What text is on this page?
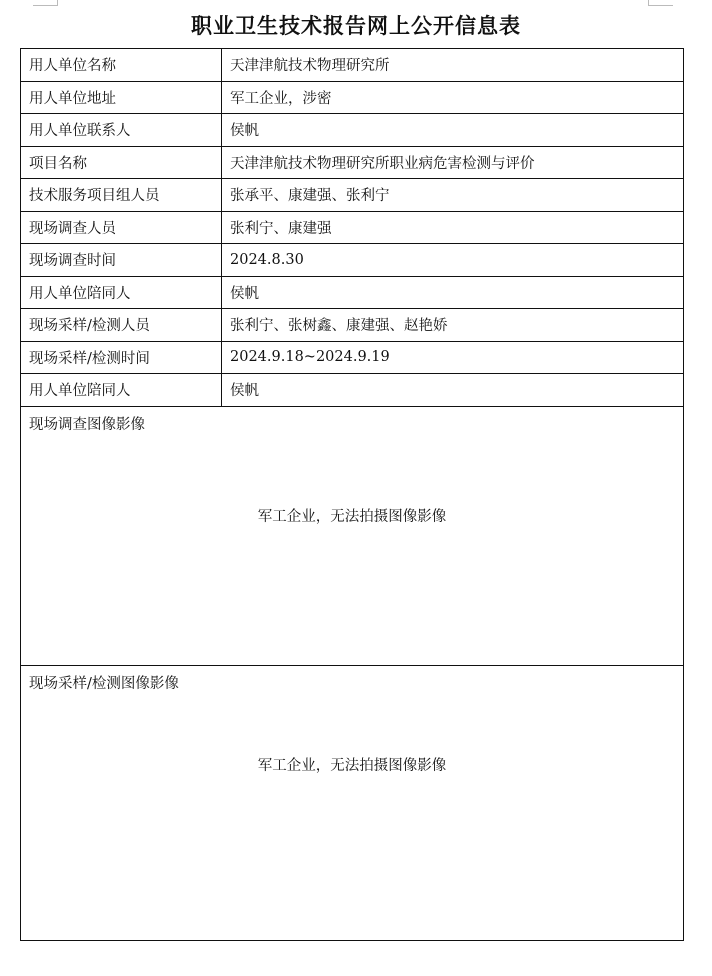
职业卫生技术报告网上公开信息表
用人单位名称	天津津航技术物理研究所
用人单位地址	军工企业，涉密
用人单位联系人	侯帆
项目名称	天津津航技术物理研究所职业病危害检测与评价
技术服务项目组人员	张承平、康建强、张利宁
现场调查人员	张利宁、康建强
现场调查时间	2024.8.30
用人单位陪同人	侯帆
现场采样/检测人员	张利宁、张树鑫、康建强、赵艳娇
现场采样/检测时间	2024.9.18~2024.9.19
用人单位陪同人	侯帆

现场调查图像影像
军工企业，无法拍摄图像影像	

现场采样/检测图像影像
军工企业，无法拍摄图像影像	
